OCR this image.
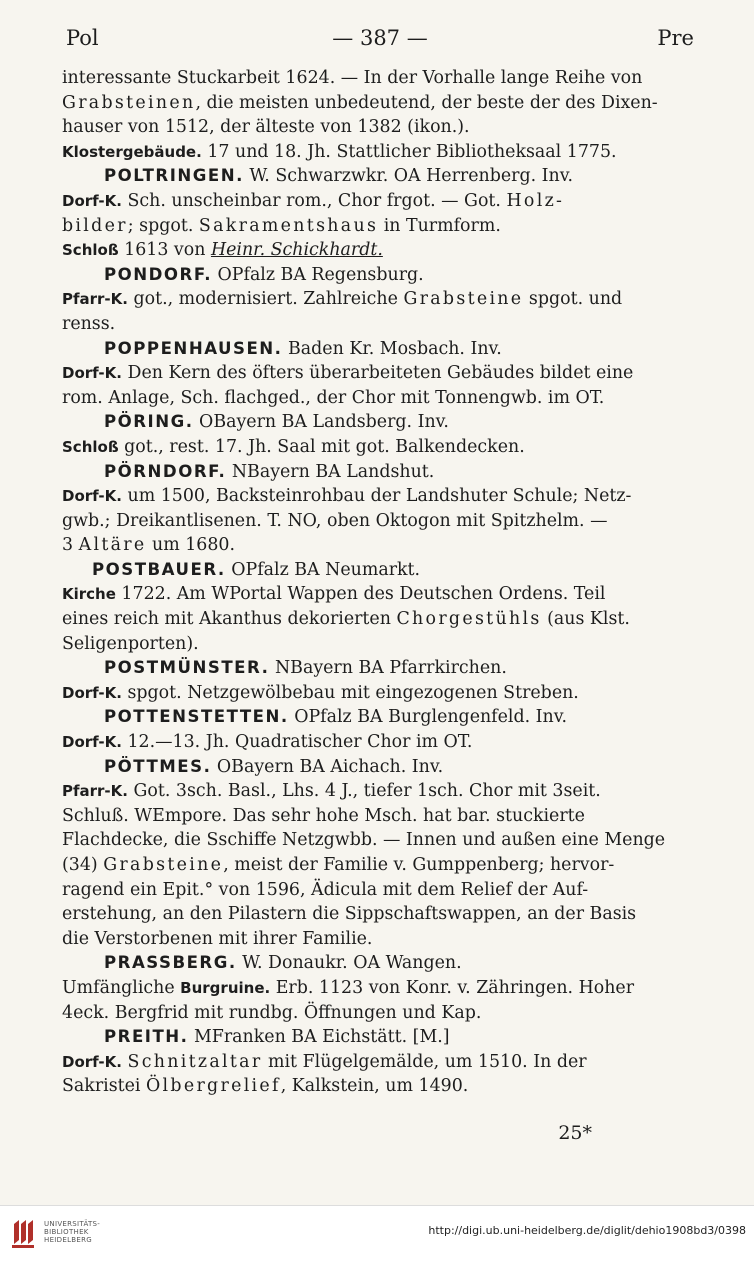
Pol	— 387 —	Pre

interessante Stuckarbeit 1624. — In der Vorhalle lange Reihe von

Grabsteinen, die meisten unbedeutend, der beste der des Dixen-

hauser von 1512, der älteste von 1382 (ikon.).

Klostergebäude. 17 und 18. Jh. Stattlicher Bibliotheksaal 1775.

POLTRINGEN. W. Schwarzwkr. OA Herrenberg. Inv.

Dorf-K. Sch. unscheinbar rom., Chor frgot. — Got. Holz-

bilder; spgot. Sakramentshaus in Turmform.

Schloß 1613 von Heinr. Schickhardt.

PONDORF. OPfalz BA Regensburg.

Pfarr-K. got., modernisiert. Zahlreiche Grabsteine spgot. und

renss.

POPPENHAUSEN. Baden Kr. Mosbach. Inv.

Dorf-K. Den Kern des öfters überarbeiteten Gebäudes bildet eine

rom. Anlage, Sch. flachged., der Chor mit Tonnengwb. im OT.

PÖRING. OBayern BA Landsberg. Inv.

Schloß got., rest. 17. Jh. Saal mit got. Balkendecken.

PÖRNDORF. NBayern BA Landshut.

Dorf-K. um 1500, Backsteinrohbau der Landshuter Schule; Netz-

gwb.; Dreikantlisenen. T. NO, oben Oktogon mit Spitzhelm. —

3 Altäre um 1680.

POSTBAUER. OPfalz BA Neumarkt.

Kirche 1722. Am WPortal Wappen des Deutschen Ordens. Teil

eines reich mit Akanthus dekorierten Chorgestühls (aus Klst.

Seligenporten).

POSTMÜNSTER. NBayern BA Pfarrkirchen.

Dorf-K. spgot. Netzgewölbebau mit eingezogenen Streben.

POTTENSTETTEN. OPfalz BA Burglengenfeld. Inv.

Dorf-K. 12.—13. Jh. Quadratischer Chor im OT.

PÖTTMES. OBayern BA Aichach. Inv.

Pfarr-K. Got. 3sch. Basl., Lhs. 4 J., tiefer 1sch. Chor mit 3seit.

Schluß. WEmpore. Das sehr hohe Msch. hat bar. stuckierte

Flachdecke, die Sschiffe Netzgwbb. — Innen und außen eine Menge

(34) Grabsteine, meist der Familie v. Gumppenberg; hervor-

ragend ein Epit.° von 1596, Ädicula mit dem Relief der Auf-

erstehung, an den Pilastern die Sippschaftswappen, an der Basis

die Verstorbenen mit ihrer Familie.

PRASSBERG. W. Donaukr. OA Wangen.

Umfängliche Burgruine. Erb. 1123 von Konr. v. Zähringen. Hoher

4eck. Bergfrid mit rundbg. Öffnungen und Kap.

PREITH. MFranken BA Eichstätt. [M.]

Dorf-K. Schnitzaltar mit Flügelgemälde, um 1510. In der

Sakristei Ölbergrelief, Kalkstein, um 1490.

25*
UNIVERSITÄTS-
BIBLIOTHEK
HEIDELBERG
http://digi.ub.uni-heidelberg.de/diglit/dehio1908bd3/0398
